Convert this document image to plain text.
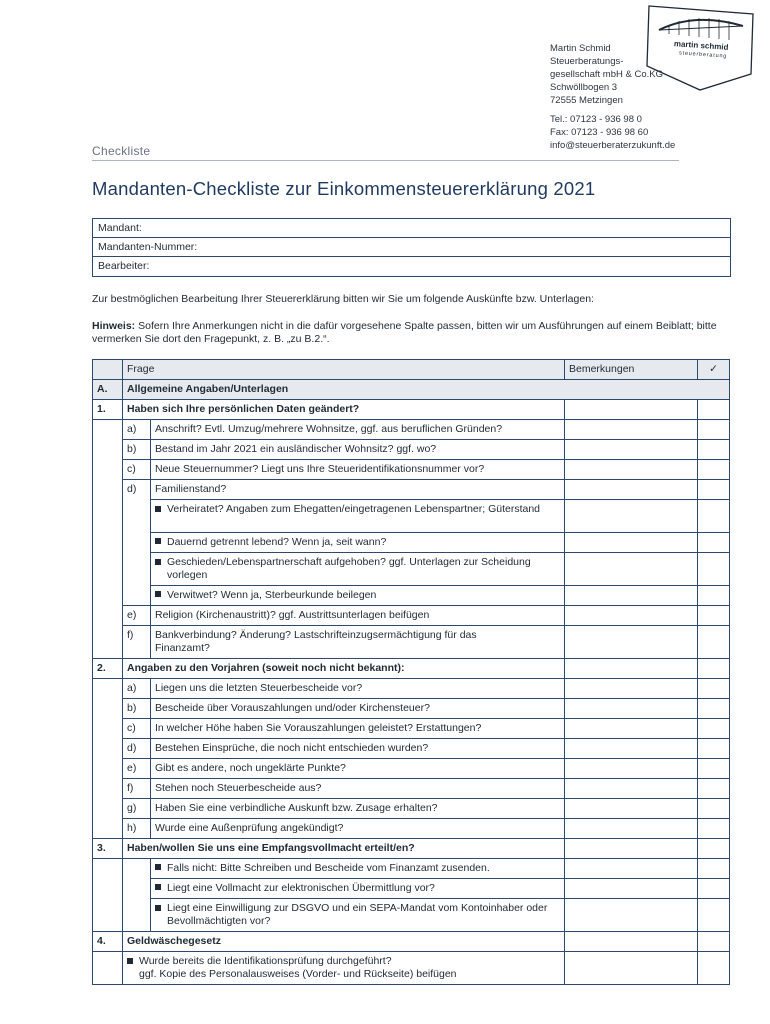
martin schmid
steuerberatung
Martin Schmid
Steuerberatungs-
gesellschaft mbH & Co.KG
Schwöllbogen 3
72555 Metzingen
Tel.: 07123 - 936 98 0
Fax: 07123 - 936 98 60
info@steuerberaterzukunft.de
Checkliste
Mandanten-Checkliste zur Einkommensteuererklärung 2021
Mandant:
Mandanten-Nummer:
Bearbeiter:
Zur bestmöglichen Bearbeitung Ihrer Steuererklärung bitten wir Sie um folgende Auskünfte bzw. Unterlagen:
Hinweis: Sofern Ihre Anmerkungen nicht in die dafür vorgesehene Spalte passen, bitten wir um Ausführungen auf einem Beiblatt; bitte vermerken Sie dort den Fragepunkt, z. B. „zu B.2.“.
	Frage		Bemerkungen	✓
A.	Allgemeine Angaben/Unterlagen			
1.	Haben sich Ihre persönlichen Daten geändert?			
	a)	Anschrift? Evtl. Umzug/mehrere Wohnsitze, ggf. aus beruflichen Gründen?		
	b)	Bestand im Jahr 2021 ein ausländischer Wohnsitz? ggf. wo?		
	c)	Neue Steuernummer? Liegt uns Ihre Steueridentifikationsnummer vor?		
	d)	Familienstand?		

		Verheiratet? Angaben zum Ehegatten/eingetragenen Lebenspartner; Güterstand		

		Dauernd getrennt lebend? Wenn ja, seit wann?		

		Geschieden/Lebenspartnerschaft aufgehoben? ggf. Unterlagen zur Scheidung vorlegen		

		Verwitwet? Wenn ja, Sterbeurkunde beilegen		
	e)	Religion (Kirchenaustritt)? ggf. Austrittsunterlagen beifügen		
	f)	Bankverbindung? Änderung? Lastschrifteinzugsermächtigung für das Finanzamt?		

2.	Angaben zu den Vorjahren (soweit noch nicht bekannt):			
	a)	Liegen uns die letzten Steuerbescheide vor?		
	b)	Bescheide über Vorauszahlungen und/oder Kirchensteuer?		
	c)	In welcher Höhe haben Sie Vorauszahlungen geleistet? Erstattungen?		
	d)	Bestehen Einsprüche, die noch nicht entschieden wurden?		
	e)	Gibt es andere, noch ungeklärte Punkte?		
	f)	Stehen noch Steuerbescheide aus?		
	g)	Haben Sie eine verbindliche Auskunft bzw. Zusage erhalten?		
	h)	Wurde eine Außenprüfung angekündigt?		
3.	Haben/wollen Sie uns eine Empfangsvollmacht erteilt/en?			
		Falls nicht: Bitte Schreiben und Bescheide vom Finanzamt zusenden.		
		Liegt eine Vollmacht zur elektronischen Übermittlung vor?		

		Liegt eine Einwilligung zur DSGVO und ein SEPA-Mandat vom Kontoinhaber oder Bevollmächtigten vor?		

4.	Geldwäschegesetz			

	Wurde bereits die Identifikationsprüfung durchgeführt?
ggf. Kopie des Personalausweises (Vorder- und Rückseite) beifügen			
